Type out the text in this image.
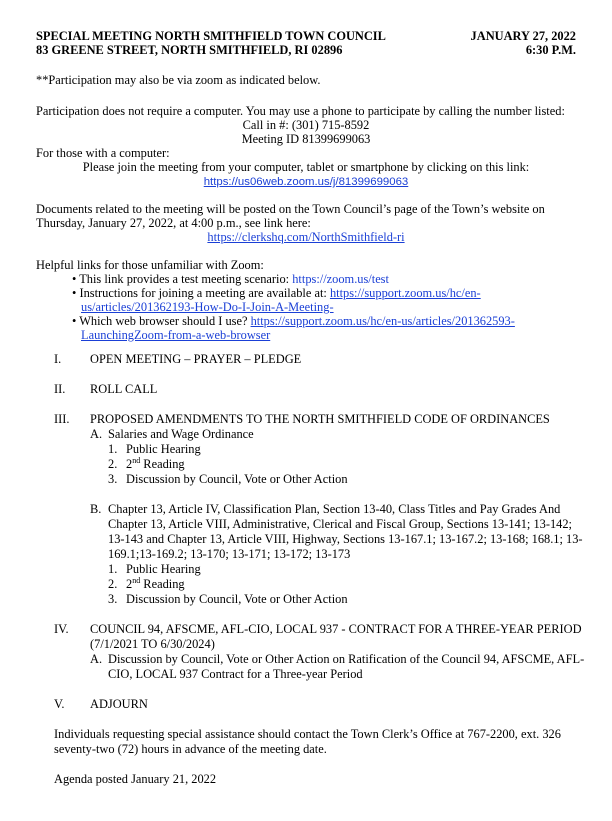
SPECIAL MEETING NORTH SMITHFIELD TOWN COUNCIL	JANUARY 27, 2022
83 GREENE STREET, NORTH SMITHFIELD, RI 02896	6:30 P.M.
**Participation may also be via zoom as indicated below.
Participation does not require a computer. You may use a phone to participate by calling the number listed:
Call in #: (301) 715-8592
Meeting ID 81399699063
For those with a computer:
Please join the meeting from your computer, tablet or smartphone by clicking on this link:
https://us06web.zoom.us/j/81399699063
Documents related to the meeting will be posted on the Town Council’s page of the Town’s website on
Thursday, January 27, 2022, at 4:00 p.m., see link here:
https://clerkshq.com/NorthSmithfield-ri
Helpful links for those unfamiliar with Zoom:
• This link provides a test meeting scenario: https://zoom.us/test
• Instructions for joining a meeting are available at: https://support.zoom.us/hc/en-
us/articles/201362193-How-Do-I-Join-A-Meeting-
• Which web browser should I use? https://support.zoom.us/hc/en-us/articles/201362593-
LaunchingZoom-from-a-web-browser
I. OPEN MEETING – PRAYER – PLEDGE
II. ROLL CALL
III. PROPOSED AMENDMENTS TO THE NORTH SMITHFIELD CODE OF ORDINANCES
A. Salaries and Wage Ordinance
1. Public Hearing
2. 2nd Reading
3. Discussion by Council, Vote or Other Action
B. Chapter 13, Article IV, Classification Plan, Section 13-40, Class Titles and Pay Grades And
Chapter 13, Article VIII, Administrative, Clerical and Fiscal Group, Sections 13-141; 13-142;
13-143 and Chapter 13, Article VIII, Highway, Sections 13-167.1; 13-167.2; 13-168; 168.1; 13-
169.1;13-169.2; 13-170; 13-171; 13-172; 13-173
1. Public Hearing
2. 2nd Reading
3. Discussion by Council, Vote or Other Action
IV. COUNCIL 94, AFSCME, AFL-CIO, LOCAL 937 - CONTRACT FOR A THREE-YEAR PERIOD
(7/1/2021 TO 6/30/2024)
A. Discussion by Council, Vote or Other Action on Ratification of the Council 94, AFSCME, AFL-
CIO, LOCAL 937 Contract for a Three-year Period
V. ADJOURN
Individuals requesting special assistance should contact the Town Clerk’s Office at 767-2200, ext. 326
seventy-two (72) hours in advance of the meeting date.
Agenda posted January 21, 2022
